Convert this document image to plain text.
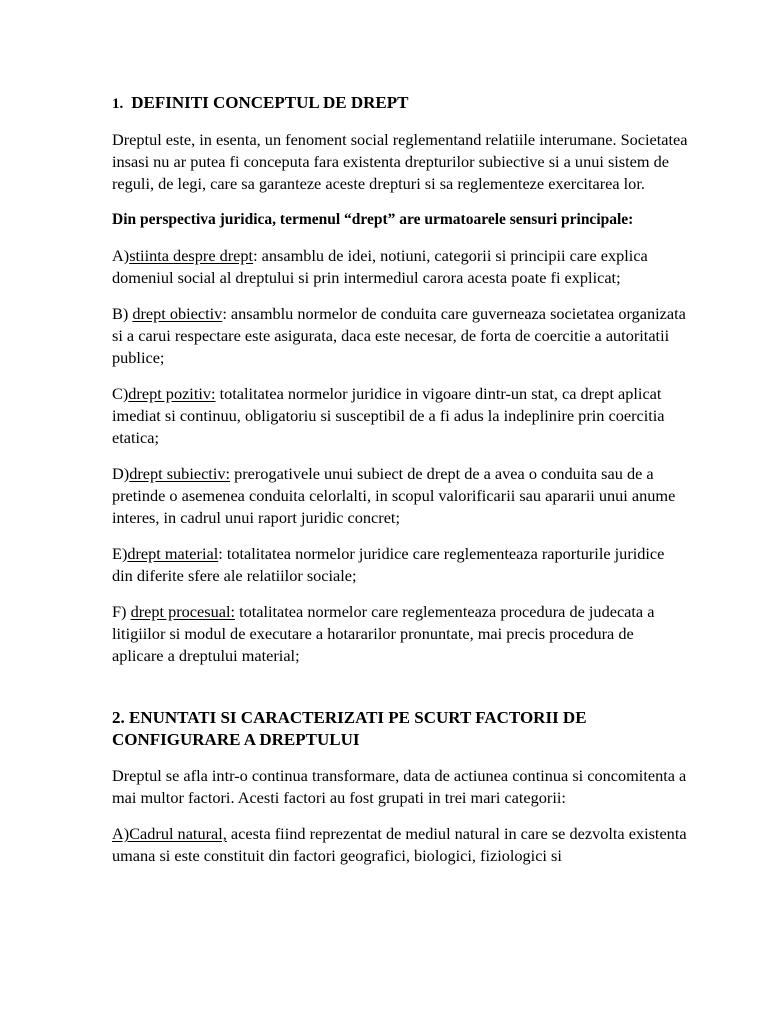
1. DEFINITI CONCEPTUL DE DREPT

Dreptul este, in esenta, un fenoment social reglementand relatiile interumane. Societatea insasi nu ar putea fi conceputa fara existenta drepturilor subiective si a unui sistem de reguli, de legi, care sa garanteze aceste drepturi si sa reglementeze exercitarea lor.

Din perspectiva juridica, termenul “drept” are urmatoarele sensuri principale:

A)stiinta despre drept: ansamblu de idei, notiuni, categorii si principii care explica domeniul social al dreptului si prin intermediul carora acesta poate fi explicat;

B) drept obiectiv: ansamblu normelor de conduita care guverneaza societatea organizata si a carui respectare este asigurata, daca este necesar, de forta de coercitie a autoritatii publice;

C)drept pozitiv: totalitatea normelor juridice in vigoare dintr-un stat, ca drept aplicat imediat si continuu, obligatoriu si susceptibil de a fi adus la indeplinire prin coercitia etatica;

D)drept subiectiv: prerogativele unui subiect de drept de a avea o conduita sau de a pretinde o asemenea conduita celorlalti, in scopul valorificarii sau apararii unui anume interes, in cadrul unui raport juridic concret;

E)drept material: totalitatea normelor juridice care reglementeaza raporturile juridice din diferite sfere ale relatiilor sociale;

F) drept procesual: totalitatea normelor care reglementeaza procedura de judecata a litigiilor si modul de executare a hotararilor pronuntate, mai precis procedura de aplicare a dreptului material;

2. ENUNTATI SI CARACTERIZATI PE SCURT FACTORII DE CONFIGURARE A DREPTULUI

Dreptul se afla intr-o continua transformare, data de actiunea continua si concomitenta a mai multor factori. Acesti factori au fost grupati in trei mari categorii:

A)Cadrul natural, acesta fiind reprezentat de mediul natural in care se dezvolta existenta umana si este constituit din factori geografici, biologici, fiziologici si
